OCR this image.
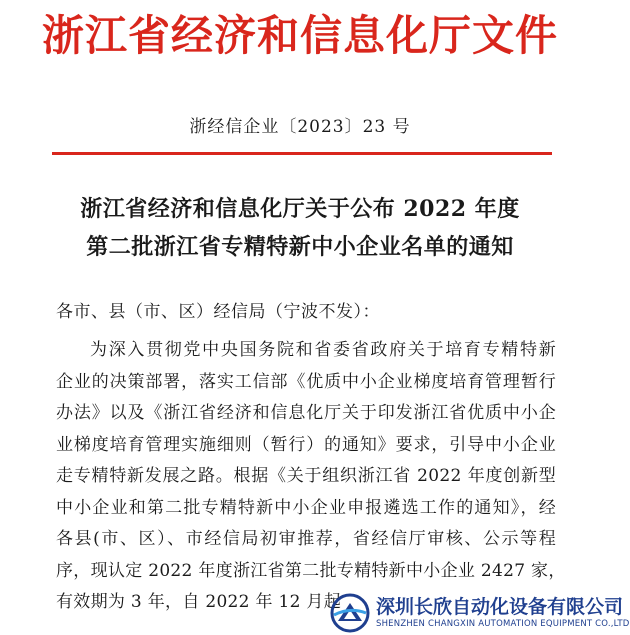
浙江省经济和信息化厅文件
浙经信企业〔2023〕23 号
浙江省经济和信息化厅关于公布 2022 年度
第二批浙江省专精特新中小企业名单的通知
各市、县（市、区）经信局（宁波不发）：
为深入贯彻党中央国务院和省委省政府关于培育专精特新
企业的决策部署，落实工信部《优质中小企业梯度培育管理暂行
办法》以及《浙江省经济和信息化厅关于印发浙江省优质中小企
业梯度培育管理实施细则（暂行）的通知》要求，引导中小企业
走专精特新发展之路。根据《关于组织浙江省 2022 年度创新型
中小企业和第二批专精特新中小企业申报遴选工作的通知》，经
各县(市、区）、市经信局初审推荐，省经信厅审核、公示等程
序，现认定 2022 年度浙江省第二批专精特新中小企业 2427 家，
有效期为 3 年，自 2022 年 12 月起	深圳长欣自动化设备有限公司
SHENZHEN CHANGXIN AUTOMATION EQUIPMENT CO.,LTD
